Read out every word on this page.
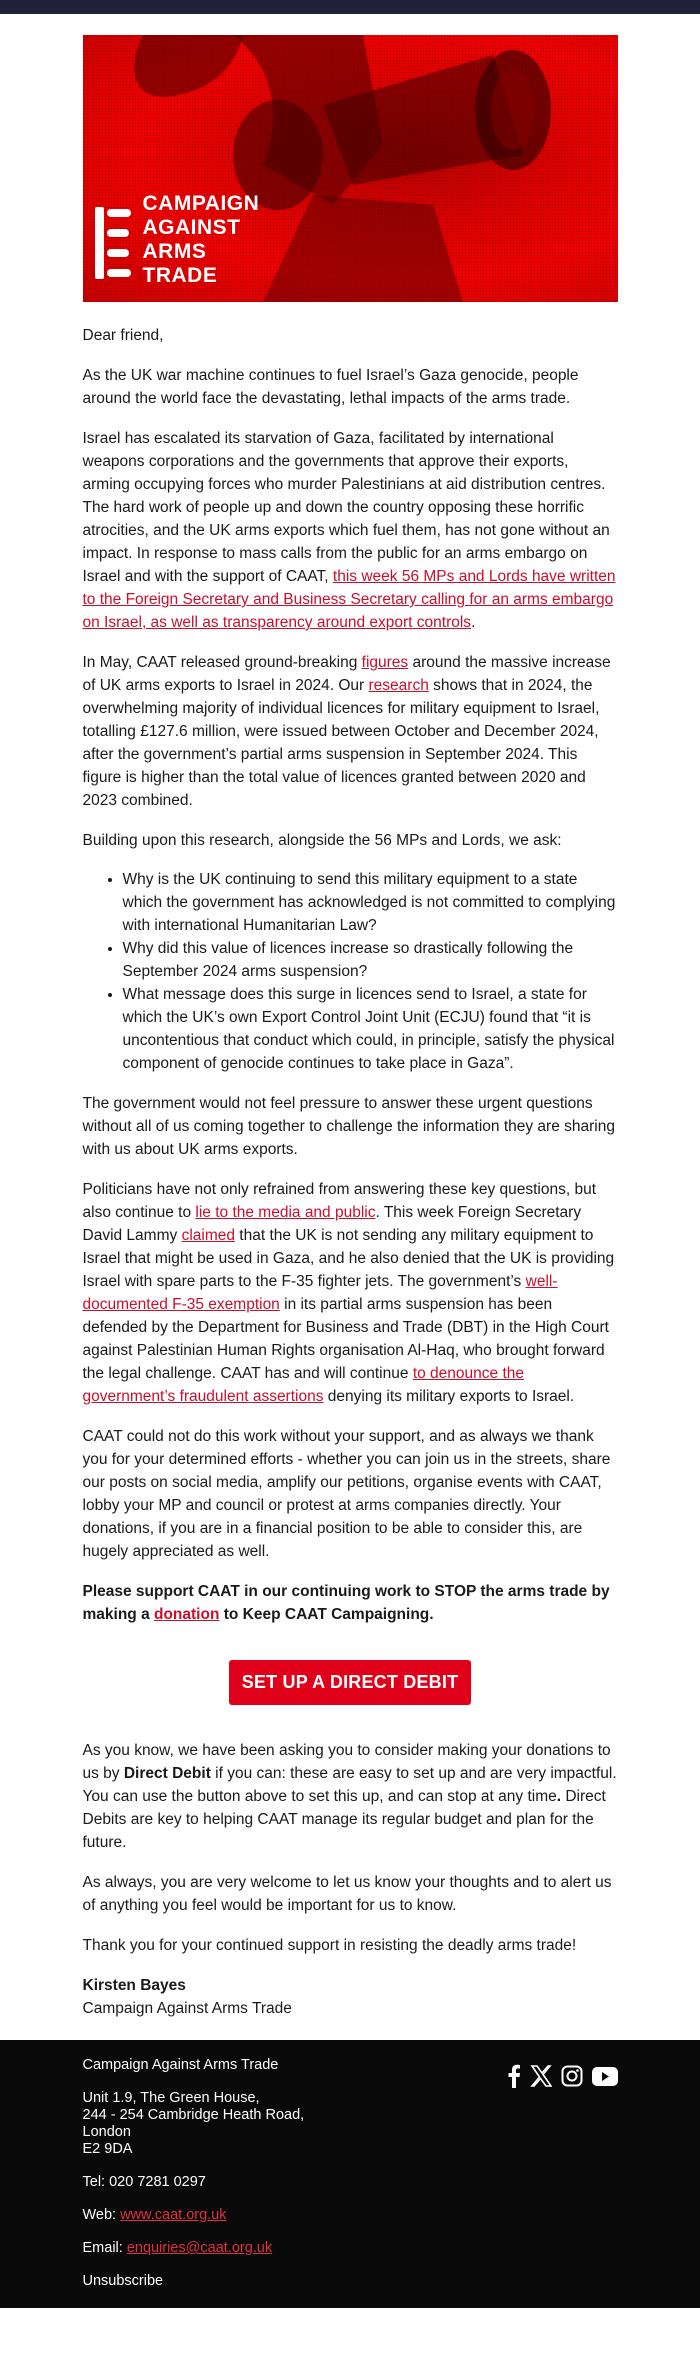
CAMPAIGN
AGAINST
ARMS
TRADE

Dear friend,

As the UK war machine continues to fuel Israel’s Gaza genocide, people around the world face the devastating, lethal impacts of the arms trade.

Israel has escalated its starvation of Gaza, facilitated by international weapons corporations and the governments that approve their exports, arming occupying forces who murder Palestinians at aid distribution centres. The hard work of people up and down the country opposing these horrific atrocities, and the UK arms exports which fuel them, has not gone without an impact. In response to mass calls from the public for an arms embargo on Israel and with the support of CAAT, this week 56 MPs and Lords have written to the Foreign Secretary and Business Secretary calling for an arms embargo on Israel, as well as transparency around export controls.

In May, CAAT released ground-breaking figures around the massive increase of UK arms exports to Israel in 2024. Our research shows that in 2024, the overwhelming majority of individual licences for military equipment to Israel, totalling £127.6 million, were issued between October and December 2024, after the government’s partial arms suspension in September 2024. This figure is higher than the total value of licences granted between 2020 and 2023 combined.

Building upon this research, alongside the 56 MPs and Lords, we ask:

• Why is the UK continuing to send this military equipment to a state which the government has acknowledged is not committed to complying with international Humanitarian Law?
• Why did this value of licences increase so drastically following the September 2024 arms suspension?
• What message does this surge in licences send to Israel, a state for which the UK’s own Export Control Joint Unit (ECJU) found that “it is uncontentious that conduct which could, in principle, satisfy the physical component of genocide continues to take place in Gaza”.

The government would not feel pressure to answer these urgent questions without all of us coming together to challenge the information they are sharing with us about UK arms exports.

Politicians have not only refrained from answering these key questions, but also continue to lie to the media and public. This week Foreign Secretary David Lammy claimed that the UK is not sending any military equipment to Israel that might be used in Gaza, and he also denied that the UK is providing Israel with spare parts to the F-35 fighter jets. The government’s well-documented F-35 exemption in its partial arms suspension has been defended by the Department for Business and Trade (DBT) in the High Court against Palestinian Human Rights organisation Al-Haq, who brought forward the legal challenge. CAAT has and will continue to denounce the government’s fraudulent assertions denying its military exports to Israel.

CAAT could not do this work without your support, and as always we thank you for your determined efforts - whether you can join us in the streets, share our posts on social media, amplify our petitions, organise events with CAAT, lobby your MP and council or protest at arms companies directly. Your donations, if you are in a financial position to be able to consider this, are hugely appreciated as well.

Please support CAAT in our continuing work to STOP the arms trade by making a donation to Keep CAAT Campaigning.

SET UP A DIRECT DEBIT

As you know, we have been asking you to consider making your donations to us by Direct Debit if you can: these are easy to set up and are very impactful. You can use the button above to set this up, and can stop at any time. Direct Debits are key to helping CAAT manage its regular budget and plan for the future.

As always, you are very welcome to let us know your thoughts and to alert us of anything you feel would be important for us to know.

Thank you for your continued support in resisting the deadly arms trade!

Kirsten Bayes

Campaign Against Arms Trade

Campaign Against Arms Trade

Unit 1.9, The Green House,

244 - 254 Cambridge Heath Road,

London

E2 9DA

Tel: 020 7281 0297

Web: www.caat.org.uk

Email: enquiries@caat.org.uk

Unsubscribe
